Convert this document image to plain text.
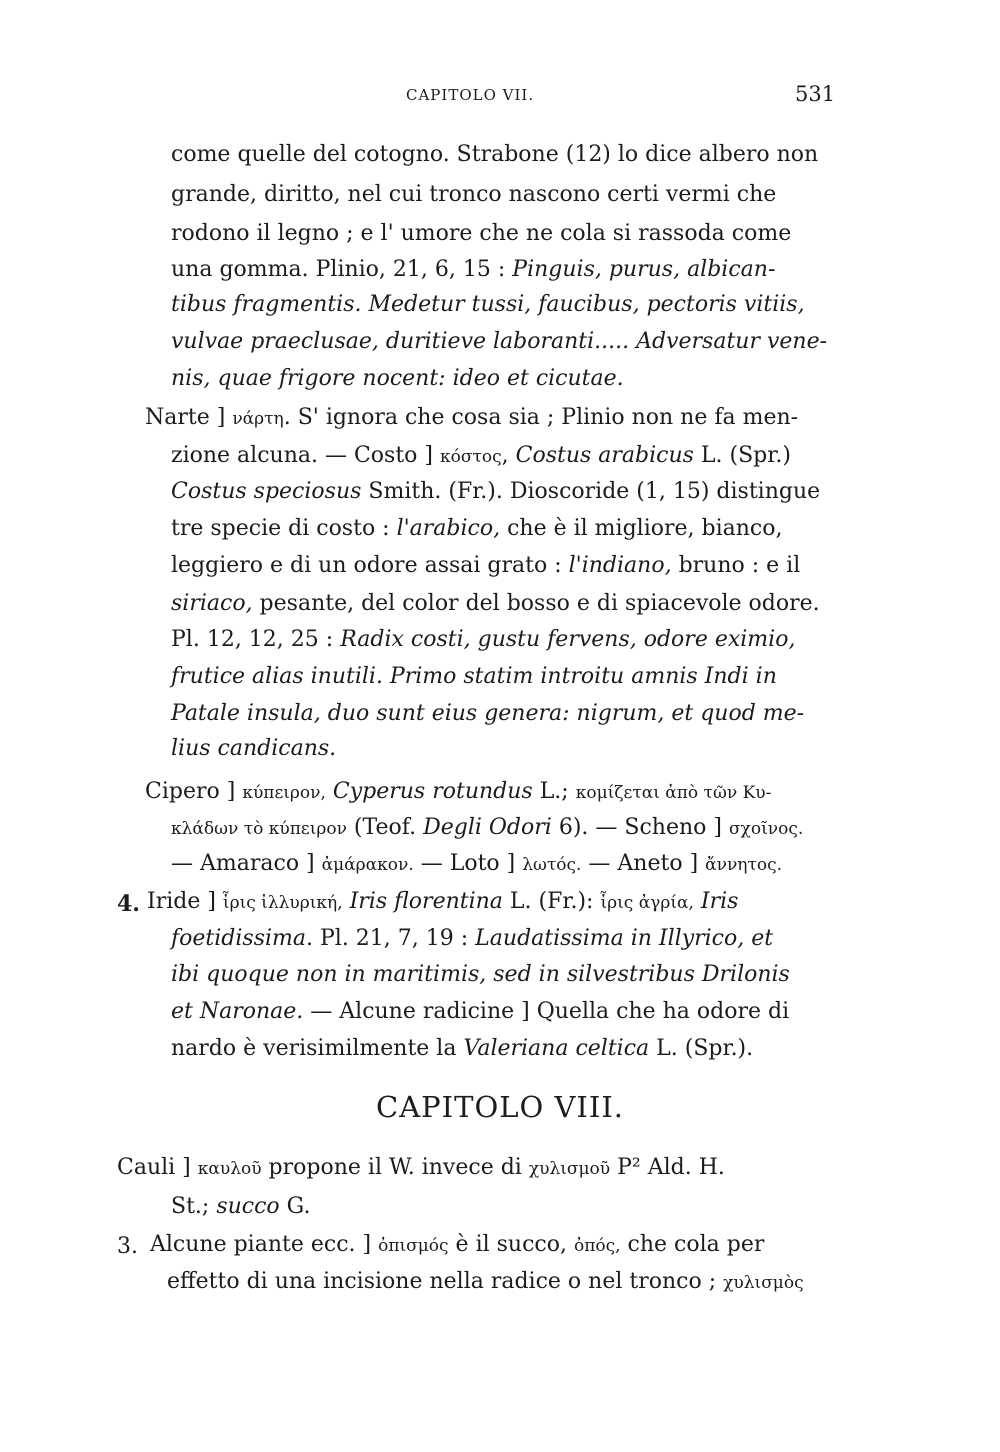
CAPITOLO VII.	531
come quelle del cotogno. Strabone (12) lo dice albero non
grande, diritto, nel cui tronco nascono certi vermi che
rodono il legno ; e l' umore che ne cola si rassoda come
una gomma. Plinio, 21, 6, 15 : Pinguis, purus, albican-
tibus fragmentis. Medetur tussi, faucibus, pectoris vitiis,
vulvae praeclusae, duritieve laboranti..... Adversatur vene-
nis, quae frigore nocent: ideo et cicutae.
Narte ] νάρτη. S' ignora che cosa sia ; Plinio non ne fa men-
zione alcuna. — Costo ] κόστος, Costus arabicus L. (Spr.)
Costus speciosus Smith. (Fr.). Dioscoride (1, 15) distingue
tre specie di costo : l'arabico, che è il migliore, bianco,
leggiero e di un odore assai grato : l'indiano, bruno : e il
siriaco, pesante, del color del bosso e di spiacevole odore.
Pl. 12, 12, 25 : Radix costi, gustu fervens, odore eximio,
frutice alias inutili. Primo statim introitu amnis Indi in
Patale insula, duo sunt eius genera: nigrum, et quod me-
lius candicans.
Cipero ] κύπειρον, Cyperus rotundus L.; κομίζεται ἀπὸ τῶν Κυ-
κλάδων τὸ κύπειρον (Teof. Degli Odori 6). — Scheno ] σχοῖνος.
— Amaraco ] ἀμάρακον. — Loto ] λωτός. — Aneto ] ἄννητος.
4. Iride ] ἶρις ἰλλυρική, Iris florentina L. (Fr.): ἶρις ἀγρία, Iris
foetidissima. Pl. 21, 7, 19 : Laudatissima in Illyrico, et
ibi quoque non in maritimis, sed in silvestribus Drilonis
et Naronae. — Alcune radicine ] Quella che ha odore di
nardo è verisimilmente la Valeriana celtica L. (Spr.).
CAPITOLO VIII.
Cauli ] καυλοῦ propone il W. invece di χυλισμοῦ P² Ald. H.
St.; succo G.
3. Alcune piante ecc. ] ὀπισμός è il succo, ὀπός, che cola per
effetto di una incisione nella radice o nel tronco ; χυλισμὸς
